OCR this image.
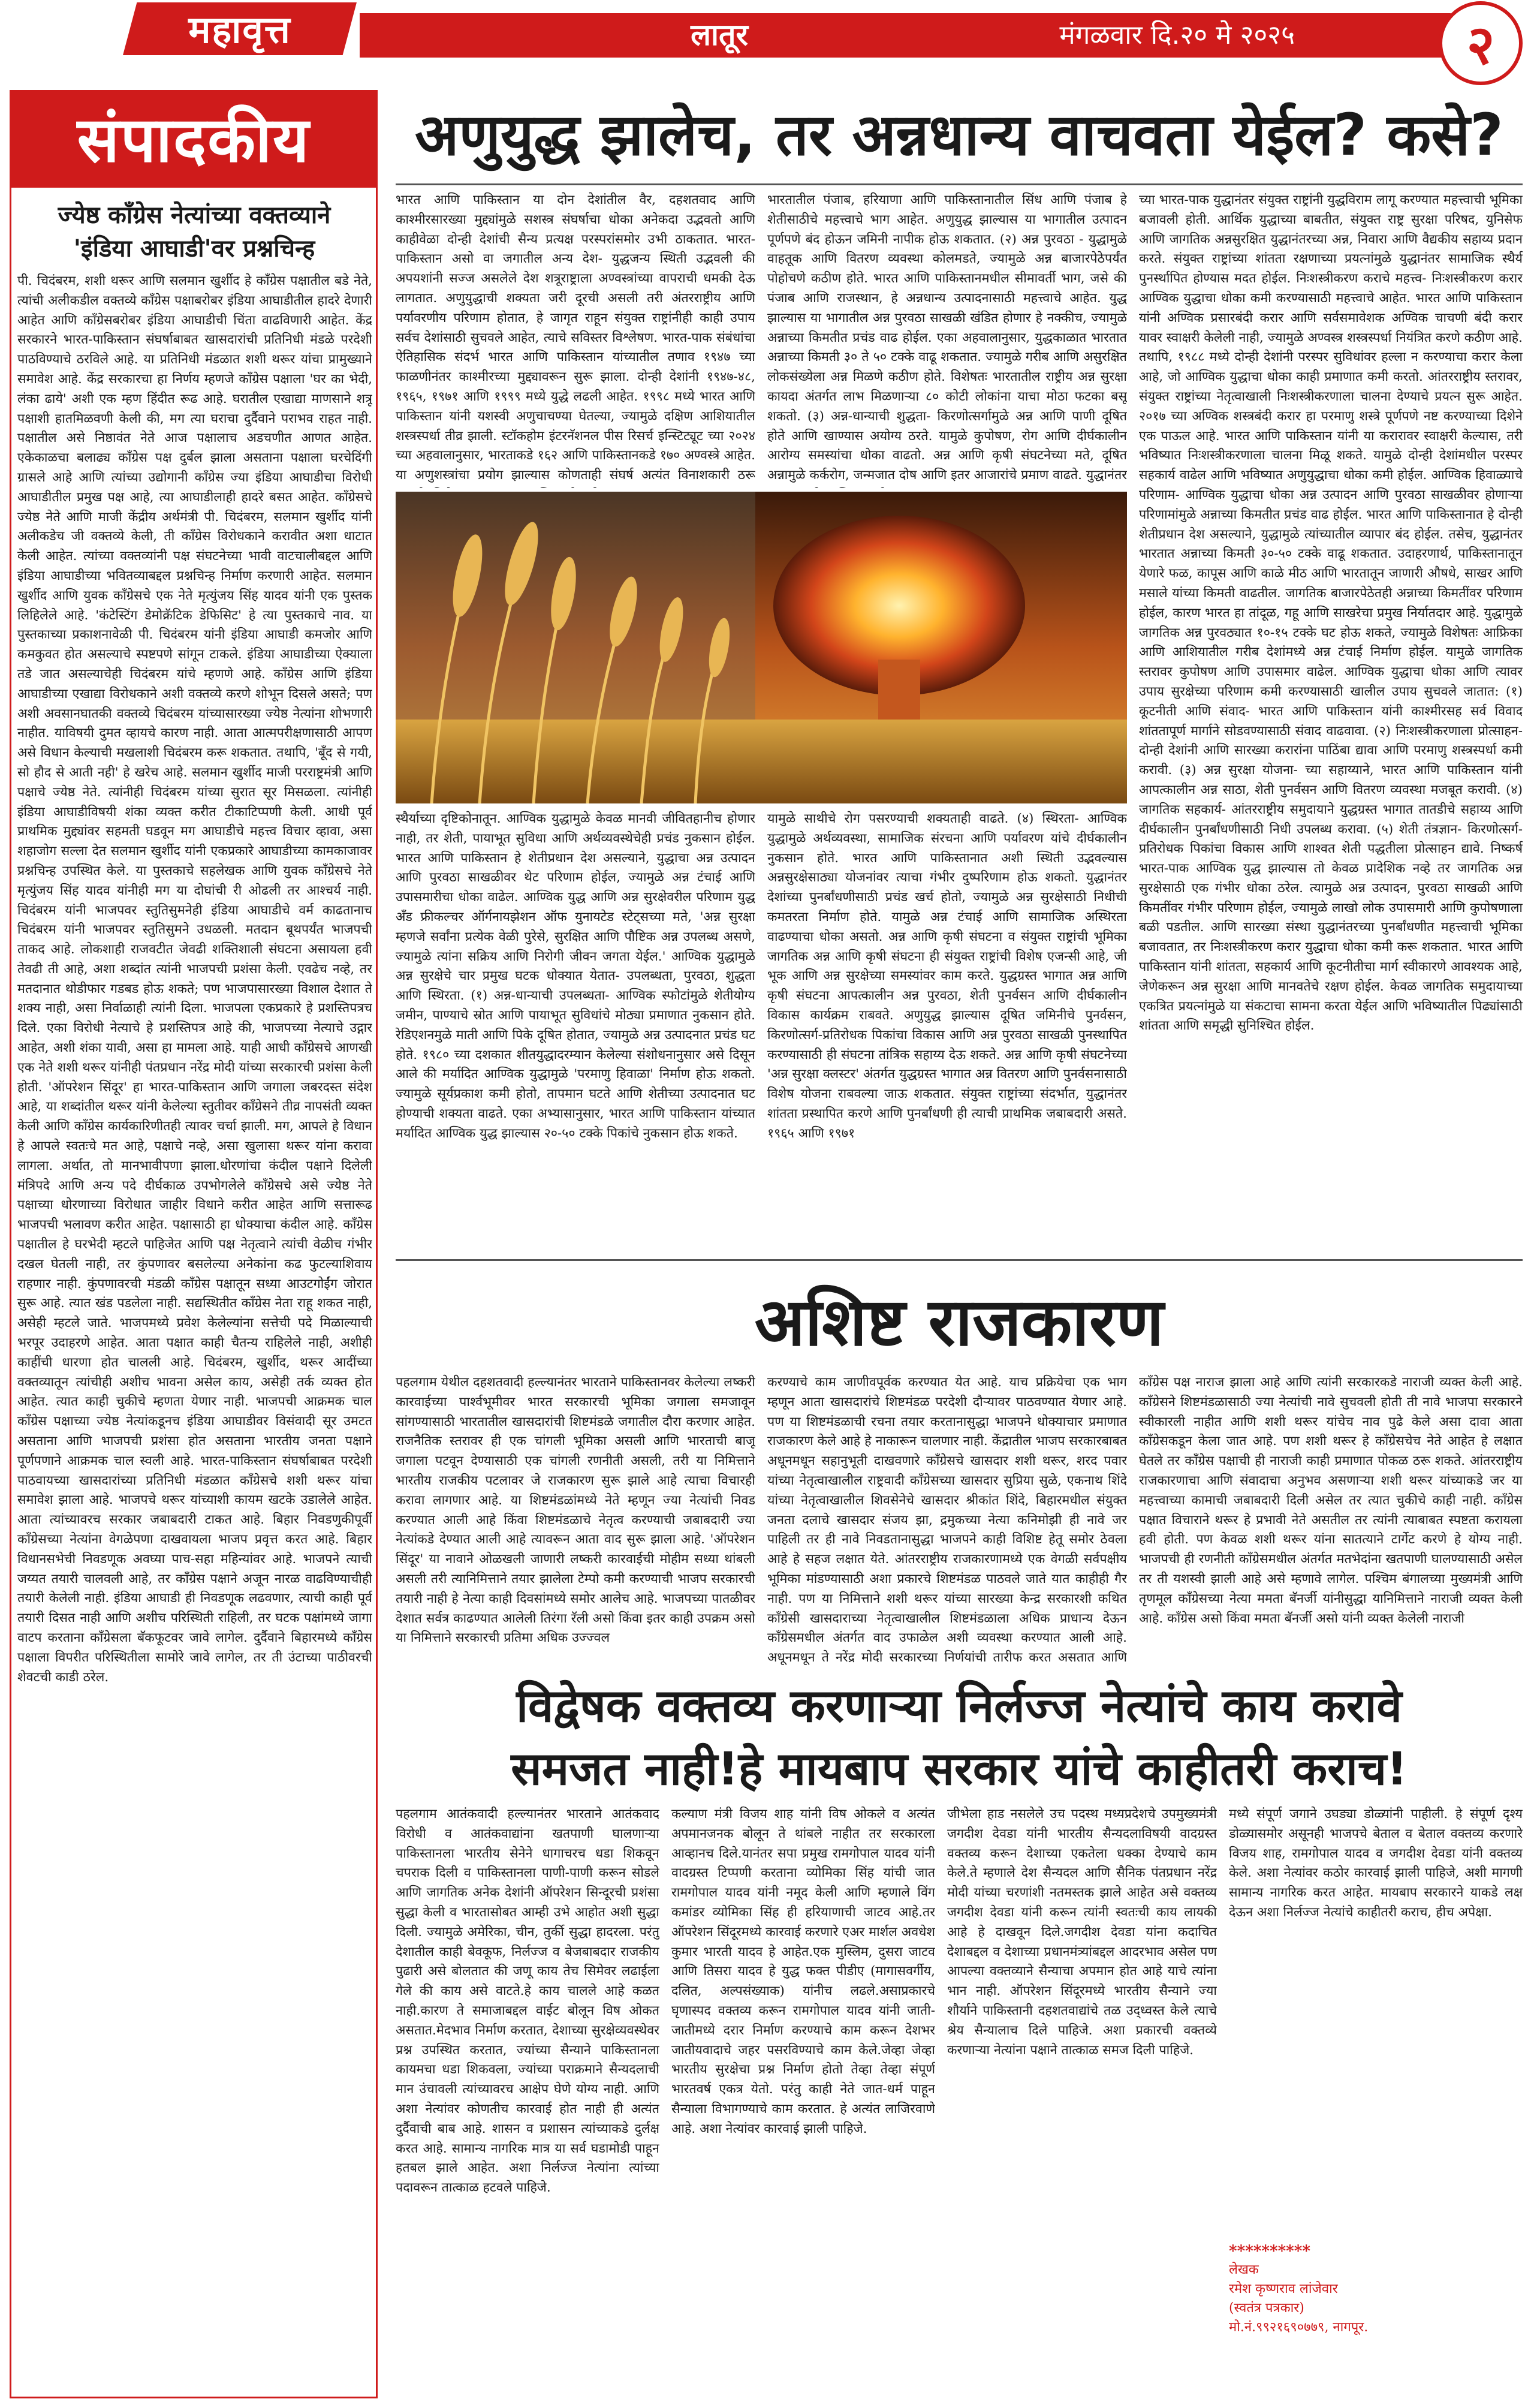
महावृत्त	लातूर	मंगळवार दि.२० मे २०२५	२
संपादकीय
ज्येष्ठ काँग्रेस नेत्यांच्या वक्तव्याने
'इंडिया आघाडी'वर प्रश्नचिन्ह
पी. चिदंबरम, शशी थरूर आणि सलमान खुर्शीद हे काँग्रेस पक्षातील बडे नेते, त्यांची अलीकडील वक्तव्ये काँग्रेस पक्षाबरोबर इंडिया आघाडीतील हादरे देणारी आहेत आणि काँग्रेसबरोबर इंडिया आघाडीची चिंता वाढविणारी आहेत. केंद्र सरकारने भारत-पाकिस्तान संघर्षाबाबत खासदारांची प्रतिनिधी मंडळे परदेशी पाठविण्याचे ठरविले आहे. या प्रतिनिधी मंडळात शशी थरूर यांचा प्रामुख्याने समावेश आहे. केंद्र सरकारचा हा निर्णय म्हणजे काँग्रेस पक्षाला 'घर का भेदी, लंका ढाये' अशी एक म्हण हिंदीत रूढ आहे. घरातील एखाद्या माणसाने शत्रू पक्षाशी हातमिळवणी केली की, मग त्या घराचा दुर्दैवाने पराभव राहत नाही. पक्षातील असे निष्ठावंत नेते आज पक्षालाच अडचणीत आणत आहेत. एकेकाळचा बलाढ्य काँग्रेस पक्ष दुर्बल झाला असताना पक्षाला घरचेदिंगी ग्रासले आहे आणि त्यांच्या उद्योगानी काँग्रेस ज्या इंडिया आघाडीचा विरोधी आघाडीतील प्रमुख पक्ष आहे, त्या आघाडीलाही हादरे बसत आहेत. काँग्रेसचे ज्येष्ठ नेते आणि माजी केंद्रीय अर्थमंत्री पी. चिदंबरम, सलमान खुर्शीद यांनी अलीकडेच जी वक्तव्ये केली, ती काँग्रेस विरोधकाने करावीत अशा धाटात केली आहेत. त्यांच्या वक्तव्यांनी पक्ष संघटनेच्या भावी वाटचालीबद्दल आणि इंडिया आघाडीच्या भवितव्याबद्दल प्रश्नचिन्ह निर्माण करणारी आहेत. सलमान खुर्शीद आणि युवक काँग्रेसचे एक नेते मृत्युंजय सिंह यादव यांनी एक पुस्तक लिहिलेले आहे. 'कंटेस्टिंग डेमोक्रॅटिक डेफिसिट' हे त्या पुस्तकाचे नाव. या पुस्तकाच्या प्रकाशनावेळी पी. चिदंबरम यांनी इंडिया आघाडी कमजोर आणि कमकुवत होत असल्याचे स्पष्टपणे सांगून टाकले. इंडिया आघाडीच्या ऐक्याला तडे जात असल्याचेही चिदंबरम यांचे म्हणणे आहे. काँग्रेस आणि इंडिया आघाडीच्या एखाद्या विरोधकाने अशी वक्तव्ये करणे शोभून दिसले असते; पण अशी अवसानघातकी वक्तव्ये चिदंबरम यांच्यासारख्या ज्येष्ठ नेत्यांना शोभणारी नाहीत. याविषयी दुमत व्हायचे कारण नाही. आता आत्मपरीक्षणासाठी आपण असे विधान केल्याची मखलाशी चिदंबरम करू शकतात. तथापि, 'बूँद से गयी, सो हौद से आती नही' हे खरेच आहे. सलमान खुर्शीद माजी परराष्ट्रमंत्री आणि पक्षाचे ज्येष्ठ नेते. त्यांनीही चिदंबरम यांच्या सुरात सूर मिसळला. त्यांनीही इंडिया आघाडीविषयी शंका व्यक्त करीत टीकाटिप्पणी केली. आधी पूर्व प्राथमिक मुद्द्यांवर सहमती घडवून मग आघाडीचे महत्त्व विचार व्हावा, असा शहाजोग सल्ला देत सलमान खुर्शीद यांनी एकप्रकारे आघाडीच्या कामकाजावर प्रश्नचिन्ह उपस्थित केले. या पुस्तकाचे सहलेखक आणि युवक काँग्रेसचे नेते मृत्युंजय सिंह यादव यांनीही मग या दोघांची री ओढली तर आश्चर्य नाही. चिदंबरम यांनी भाजपवर स्तुतिसुमनेही इंडिया आघाडीचे वर्म काढतानाच चिदंबरम यांनी भाजपवर स्तुतिसुमने उधळली. मतदान बूथपर्यंत भाजपची ताकद आहे. लोकशाही राजवटीत जेवढी शक्तिशाली संघटना असायला हवी तेवढी ती आहे, अशा शब्दांत त्यांनी भाजपची प्रशंसा केली. एवढेच नव्हे, तर मतदानात थोडीफार गडबड होऊ शकते; पण भाजपासारख्या विशाल देशात ते शक्य नाही, असा निर्वाळाही त्यांनी दिला. भाजपला एकप्रकारे हे प्रशस्तिपत्रच दिले. एका विरोधी नेत्याचे हे प्रशस्तिपत्र आहे की, भाजपच्या नेत्याचे उद्गार आहेत, अशी शंका यावी, असा हा मामला आहे. याही आधी काँग्रेसचे आणखी एक नेते शशी थरूर यांनीही पंतप्रधान नरेंद्र मोदी यांच्या सरकारची प्रशंसा केली होती. 'ऑपरेशन सिंदूर' हा भारत-पाकिस्तान आणि जगाला जबरदस्त संदेश आहे, या शब्दांतील थरूर यांनी केलेल्या स्तुतीवर काँग्रेसने तीव्र नापसंती व्यक्त केली आणि काँग्रेस कार्यकारिणीतही त्यावर चर्चा झाली. मग, आपले हे विधान हे आपले स्वतःचे मत आहे, पक्षाचे नव्हे, असा खुलासा थरूर यांना करावा लागला. अर्थात, तो मानभावीपणा झाला.धोरणांचा कंदील पक्षाने दिलेली मंत्रिपदे आणि अन्य पदे दीर्घकाळ उपभोगलेले काँग्रेसचे असे ज्येष्ठ नेते पक्षाच्या धोरणाच्या विरोधात जाहीर विधाने करीत आहेत आणि सत्तारूढ भाजपची भलावण करीत आहेत. पक्षासाठी हा धोक्याचा कंदील आहे. काँग्रेस पक्षातील हे घरभेदी म्हटले पाहिजेत आणि पक्ष नेतृत्वाने त्यांची वेळीच गंभीर दखल घेतली नाही, तर कुंपणावर बसलेल्या अनेकांना कढ फुटल्याशिवाय राहणार नाही. कुंपणावरची मंडळी काँग्रेस पक्षातून सध्या आउटगोईंग जोरात सुरू आहे. त्यात खंड पडलेला नाही. सद्यस्थितीत काँग्रेस नेता राहू शकत नाही, असेही म्हटले जाते. भाजपमध्ये प्रवेश केलेल्यांना सत्तेची पदे मिळाल्याची भरपूर उदाहरणे आहेत. आता पक्षात काही चैतन्य राहिलेले नाही, अशीही काहींची धारणा होत चालली आहे. चिदंबरम, खुर्शीद, थरूर आदींच्या वक्तव्यातून त्यांचीही अशीच भावना असेल काय, असेही तर्क व्यक्त होत आहेत. त्यात काही चुकीचे म्हणता येणार नाही. भाजपची आक्रमक चाल काँग्रेस पक्षाच्या ज्येष्ठ नेत्यांकडूनच इंडिया आघाडीवर विसंवादी सूर उमटत असताना आणि भाजपची प्रशंसा होत असताना भारतीय जनता पक्षाने पूर्णपणाने आक्रमक चाल स्वली आहे. भारत-पाकिस्तान संघर्षाबाबत परदेशी पाठवायच्या खासदारांच्या प्रतिनिधी मंडळात काँग्रेसचे शशी थरूर यांचा समावेश झाला आहे. भाजपचे थरूर यांच्याशी कायम खटके उडालेले आहेत. आता त्यांच्यावरच सरकार जबाबदारी टाकत आहे. बिहार निवडणुकीपूर्वी काँग्रेसच्या नेत्यांना वेगळेपणा दाखवायला भाजप प्रवृत्त करत आहे. बिहार विधानसभेची निवडणूक अवघ्या पाच-सहा महिन्यांवर आहे. भाजपने त्याची जय्यत तयारी चालवली आहे, तर काँग्रेस पक्षाने अजून नारळ वाढविण्याचीही तयारी केलेली नाही. इंडिया आघाडी ही निवडणूक लढवणार, त्याची काही पूर्व तयारी दिसत नाही आणि अशीच परिस्थिती राहिली, तर घटक पक्षांमध्ये जागा वाटप करताना काँग्रेसला बॅकफूटवर जावे लागेल. दुर्दैवाने बिहारमध्ये काँग्रेस पक्षाला विपरीत परिस्थितीला सामोरे जावे लागेल, तर ती उंटाच्या पाठीवरची शेवटची काडी ठरेल.
अणुयुद्ध झालेच, तर अन्नधान्य वाचवता येईल? कसे?
भारत आणि पाकिस्तान या दोन देशांतील वैर, दहशतवाद आणि काश्मीरसारख्या मुद्द्यांमुळे सशस्त्र संघर्षाचा धोका अनेकदा उद्भवतो आणि काहीवेळा दोन्ही देशांची सैन्य प्रत्यक्ष परस्परांसमोर उभी ठाकतात. भारत- पाकिस्तान असो वा जगातील अन्य देश- युद्धजन्य स्थिती उद्भवली की अपयशांनी सज्ज असलेले देश शत्रूराष्ट्राला अण्वस्त्रांच्या वापराची धमकी देऊ लागतात. अणुयुद्धाची शक्यता जरी दूरची असली तरी अंतरराष्ट्रीय आणि पर्यावरणीय परिणाम होतात, हे जागृत राहून संयुक्त राष्ट्रांनीही काही उपाय सर्वच देशांसाठी सुचवले आहेत, त्याचे सविस्तर विश्लेषण. भारत-पाक संबंधांचा ऐतिहासिक संदर्भ भारत आणि पाकिस्तान यांच्यातील तणाव १९४७ च्या फाळणीनंतर काश्मीरच्या मुद्द्यावरून सुरू झाला. दोन्ही देशांनी १९४७-४८, १९६५, १९७१ आणि १९९९ मध्ये युद्धे लढली आहेत. १९९८ मध्ये भारत आणि पाकिस्तान यांनी यशस्वी अणुचाचण्या घेतल्या, ज्यामुळे दक्षिण आशियातील शस्त्रस्पर्धा तीव्र झाली. स्टॉकहोम इंटरनॅशनल पीस रिसर्च इन्स्टिट्यूट च्या २०२४ च्या अहवालानुसार, भारताकडे १६२ आणि पाकिस्तानकडे १७० अण्वस्त्रे आहेत. या अणुशस्त्रांचा प्रयोग झाल्यास कोणताही संघर्ष अत्यंत विनाशकारी ठरू
भारतातील पंजाब, हरियाणा आणि पाकिस्तानातील सिंध आणि पंजाब हे शेतीसाठीचे महत्त्वाचे भाग आहेत. अणुयुद्ध झाल्यास या भागातील उत्पादन पूर्णपणे बंद होऊन जमिनी नापीक होऊ शकतात. (२) अन्न पुरवठा - युद्धामुळे वाहतूक आणि वितरण व्यवस्था कोलमडते, ज्यामुळे अन्न बाजारपेठेपर्यंत पोहोचणे कठीण होते. भारत आणि पाकिस्तानमधील सीमावर्ती भाग, जसे की पंजाब आणि राजस्थान, हे अन्नधान्य उत्पादनासाठी महत्त्वाचे आहेत. युद्ध झाल्यास या भागातील अन्न पुरवठा साखळी खंडित होणार हे नक्कीच, ज्यामुळे अन्नाच्या किमतीत प्रचंड वाढ होईल. एका अहवालानुसार, युद्धकाळात भारतात अन्नाच्या किमती ३० ते ५० टक्के वाढू शकतात. ज्यामुळे गरीब आणि असुरक्षित लोकसंख्येला अन्न मिळणे कठीण होते. विशेषतः भारतातील राष्ट्रीय अन्न सुरक्षा कायदा अंतर्गत लाभ मिळणाऱ्या ८० कोटी लोकांना याचा मोठा फटका बसू शकतो. (३) अन्न-धान्याची शुद्धता- किरणोत्सर्गामुळे अन्न आणि पाणी दूषित होते आणि खाण्यास अयोग्य ठरते. यामुळे कुपोषण, रोग आणि दीर्घकालीन आरोग्य समस्यांचा धोका वाढतो. अन्न आणि कृषी संघटनेच्या मते, दूषित अन्नामुळे कर्करोग, जन्मजात दोष आणि इतर आजारांचे प्रमाण वाढते. युद्धानंतर
च्या भारत-पाक युद्धानंतर संयुक्त राष्ट्रांनी युद्धविराम लागू करण्यात महत्त्वाची भूमिका बजावली होती. आर्थिक युद्धाच्या बाबतीत, संयुक्त राष्ट्र सुरक्षा परिषद, युनिसेफ आणि जागतिक अन्नसुरक्षित युद्धानंतरच्या अन्न, निवारा आणि वैद्यकीय सहाय्य प्रदान करते. संयुक्त राष्ट्रांच्या शांतता रक्षणाच्या प्रयत्नांमुळे युद्धानंतर सामाजिक स्थैर्य पुनर्स्थापित होण्यास मदत होईल. निःशस्त्रीकरण कराचे महत्त्व- निःशस्त्रीकरण करार आण्विक युद्धाचा धोका कमी करण्यासाठी महत्त्वाचे आहेत. भारत आणि पाकिस्तान यांनी अण्विक प्रसारबंदी करार आणि सर्वसमावेशक अण्विक चाचणी बंदी करार यावर स्वाक्षरी केलेली नाही, ज्यामुळे अण्वस्त्र शस्त्रस्पर्धा नियंत्रित करणे कठीण आहे. तथापि, १९८८ मध्ये दोन्ही देशांनी परस्पर सुविधांवर हल्ला न करण्याचा करार केला आहे, जो आण्विक युद्धाचा धोका काही प्रमाणात कमी करतो. आंतरराष्ट्रीय स्तरावर, संयुक्त राष्ट्रांच्या नेतृत्वाखाली निःशस्त्रीकरणाला चालना देण्याचे प्रयत्न सुरू आहेत. २०१७ च्या अण्विक शस्त्रबंदी करार हा परमाणु शस्त्रे पूर्णपणे नष्ट करण्याच्या दिशेने एक पाऊल आहे. भारत आणि पाकिस्तान यांनी या करारावर स्वाक्षरी केल्यास, तरी भविष्यात निःशस्त्रीकरणाला चालना मिळू शकते. यामुळे दोन्ही देशांमधील परस्पर सहकार्य वाढेल आणि भविष्यात अणुयुद्धाचा धोका कमी होईल. आण्विक हिवाळ्याचे परिणाम- आण्विक युद्धाचा धोका अन्न उत्पादन आणि पुरवठा साखळीवर होणाऱ्या परिणामांमुळे अन्नाच्या किमतीत प्रचंड वाढ होईल. भारत आणि पाकिस्तानात हे दोन्ही शेतीप्रधान देश असल्याने, युद्धामुळे त्यांच्यातील व्यापार बंद होईल. तसेच, युद्धानंतर भारतात अन्नाच्या किमती ३०-५० टक्के वाढू शकतात. उदाहरणार्थ, पाकिस्तानातून येणारे फळ, कापूस आणि काळे मीठ आणि भारतातून जाणारी औषधे, साखर आणि मसाले यांच्या किमती वाढतील. जागतिक बाजारपेठेतही अन्नाच्या किमतींवर परिणाम होईल, कारण भारत हा तांदूळ, गहू आणि साखरेचा प्रमुख निर्यातदार आहे. युद्धामुळे जागतिक अन्न पुरवठ्यात १०-१५ टक्के घट होऊ शकते, ज्यामुळे विशेषतः आफ्रिका आणि आशियातील गरीब देशांमध्ये अन्न टंचाई निर्माण होईल. यामुळे जागतिक स्तरावर कुपोषण आणि उपासमार वाढेल. आण्विक युद्धाचा धोका आणि त्यावर उपाय सुरक्षेच्या परिणाम कमी करण्यासाठी खालील उपाय सुचवले जातात: (१) कूटनीती आणि संवाद- भारत आणि पाकिस्तान यांनी काश्मीरसह सर्व विवाद शांततापूर्ण मार्गाने सोडवण्यासाठी संवाद वाढवावा. (२) निःशस्त्रीकरणाला प्रोत्साहन- दोन्ही देशांनी आणि सारख्या करारांना पाठिंबा द्यावा आणि परमाणु शस्त्रस्पर्धा कमी करावी. (३) अन्न सुरक्षा योजना- च्या सहाय्याने, भारत आणि पाकिस्तान यांनी आपत्कालीन अन्न साठा, शेती पुनर्वसन आणि वितरण व्यवस्था मजबूत करावी. (४) जागतिक सहकार्य- आंतरराष्ट्रीय समुदायाने युद्धग्रस्त भागात तातडीचे सहाय्य आणि दीर्घकालीन पुनर्बांधणीसाठी निधी उपलब्ध करावा. (५) शेती तंत्रज्ञान- किरणोत्सर्ग-प्रतिरोधक पिकांचा विकास आणि शाश्वत शेती पद्धतीला प्रोत्साहन द्यावे. निष्कर्ष भारत-पाक आण्विक युद्ध झाल्यास तो केवळ प्रादेशिक नव्हे तर जागतिक अन्न सुरक्षेसाठी एक गंभीर धोका ठरेल. त्यामुळे अन्न उत्पादन, पुरवठा साखळी आणि किमतींवर गंभीर परिणाम होईल, ज्यामुळे लाखो लोक उपासमारी आणि कुपोषणाला बळी पडतील. आणि सारख्या संस्था युद्धानंतरच्या पुनर्बांधणीत महत्त्वाची भूमिका बजावतात, तर निःशस्त्रीकरण करार युद्धाचा धोका कमी करू शकतात. भारत आणि पाकिस्तान यांनी शांतता, सहकार्य आणि कूटनीतीचा मार्ग स्वीकारणे आवश्यक आहे, जेणेकरून अन्न सुरक्षा आणि मानवतेचे रक्षण होईल. केवळ जागतिक समुदायाच्या एकत्रित प्रयत्नांमुळे या संकटाचा सामना करता येईल आणि भविष्यातील पिढ्यांसाठी शांतता आणि समृद्धी सुनिश्चित होईल.
स्थैर्याच्या दृष्टिकोनातून. आण्विक युद्धामुळे केवळ मानवी जीवितहानीच होणार नाही, तर शेती, पायाभूत सुविधा आणि अर्थव्यवस्थेचेही प्रचंड नुकसान होईल. भारत आणि पाकिस्तान हे शेतीप्रधान देश असल्याने, युद्धाचा अन्न उत्पादन आणि पुरवठा साखळीवर थेट परिणाम होईल, ज्यामुळे अन्न टंचाई आणि उपासमारीचा धोका वाढेल. आण्विक युद्ध आणि अन्न सुरक्षेवरील परिणाम युद्ध अँड फ्रीकल्चर ऑर्गनायझेशन ऑफ युनायटेड स्टेट्सच्या मते, 'अन्न सुरक्षा म्हणजे सर्वांना प्रत्येक वेळी पुरेसे, सुरक्षित आणि पौष्टिक अन्न उपलब्ध असणे, ज्यामुळे त्यांना सक्रिय आणि निरोगी जीवन जगता येईल.' आण्विक युद्धामुळे अन्न सुरक्षेचे चार प्रमुख घटक धोक्यात येतात- उपलब्धता, पुरवठा, शुद्धता आणि स्थिरता. (१) अन्न-धान्याची उपलब्धता- आण्विक स्फोटांमुळे शेतीयोग्य जमीन, पाण्याचे स्रोत आणि पायाभूत सुविधांचे मोठ्या प्रमाणात नुकसान होते. रेडिएशनमुळे माती आणि पिके दूषित होतात, ज्यामुळे अन्न उत्पादनात प्रचंड घट होते. १९८० च्या दशकात शीतयुद्धादरम्यान केलेल्या संशोधनानुसार असे दिसून आले की मर्यादित आण्विक युद्धामुळे 'परमाणु हिवाळा' निर्माण होऊ शकतो. ज्यामुळे सूर्यप्रकाश कमी होतो, तापमान घटते आणि शेतीच्या उत्पादनात घट होण्याची शक्यता वाढते. एका अभ्यासानुसार, भारत आणि पाकिस्तान यांच्यात मर्यादित आण्विक युद्ध झाल्यास २०-५० टक्के पिकांचे नुकसान होऊ शकते.
यामुळे साथीचे रोग पसरण्याची शक्यताही वाढते. (४) स्थिरता- आण्विक युद्धामुळे अर्थव्यवस्था, सामाजिक संरचना आणि पर्यावरण यांचे दीर्घकालीन नुकसान होते. भारत आणि पाकिस्तानात अशी स्थिती उद्भवल्यास अन्नसुरक्षेसाठ्या योजनांवर त्याचा गंभीर दुष्परिणाम होऊ शकतो. युद्धानंतर देशांच्या पुनर्बांधणीसाठी प्रचंड खर्च होतो, ज्यामुळे अन्न सुरक्षेसाठी निधीची कमतरता निर्माण होते. यामुळे अन्न टंचाई आणि सामाजिक अस्थिरता वाढण्याचा धोका असतो. अन्न आणि कृषी संघटना व संयुक्त राष्ट्रांची भूमिका जागतिक अन्न आणि कृषी संघटना ही संयुक्त राष्ट्रांची विशेष एजन्सी आहे, जी भूक आणि अन्न सुरक्षेच्या समस्यांवर काम करते. युद्धग्रस्त भागात अन्न आणि कृषी संघटना आपत्कालीन अन्न पुरवठा, शेती पुनर्वसन आणि दीर्घकालीन विकास कार्यक्रम राबवते. अणुयुद्ध झाल्यास दूषित जमिनीचे पुनर्वसन, किरणोत्सर्ग-प्रतिरोधक पिकांचा विकास आणि अन्न पुरवठा साखळी पुनस्थापित करण्यासाठी ही संघटना तांत्रिक सहाय्य देऊ शकते. अन्न आणि कृषी संघटनेच्या 'अन्न सुरक्षा क्लस्टर' अंतर्गत युद्धग्रस्त भागात अन्न वितरण आणि पुनर्वसनासाठी विशेष योजना राबवल्या जाऊ शकतात. संयुक्त राष्ट्रांच्या संदर्भात, युद्धानंतर शांतता प्रस्थापित करणे आणि पुनर्बांधणी ही त्याची प्राथमिक जबाबदारी असते. १९६५ आणि १९७१
अशिष्ट राजकारण
पहलगाम येथील दहशतवादी हल्ल्यानंतर भारताने पाकिस्तानवर केलेल्या लष्करी कारवाईच्या पार्श्वभूमीवर भारत सरकारची भूमिका जगाला समजावून सांगण्यासाठी भारतातील खासदारांची शिष्टमंडळे जगातील दौरा करणार आहेत. राजनैतिक स्तरावर ही एक चांगली भूमिका असली आणि भारताची बाजू जगाला पटवून देण्यासाठी एक चांगली रणनीती असली, तरी या निमित्ताने भारतीय राजकीय पटलावर जे राजकारण सुरू झाले आहे त्याचा विचारही करावा लागणार आहे. या शिष्टमंडळांमध्ये नेते म्हणून ज्या नेत्यांची निवड करण्यात आली आहे किंवा शिष्टमंडळाचे नेतृत्व करण्याची जबाबदारी ज्या नेत्यांकडे देण्यात आली आहे त्यावरून आता वाद सुरू झाला आहे. 'ऑपरेशन सिंदूर' या नावाने ओळखली जाणारी लष्करी कारवाईची मोहीम सध्या थांबली असली तरी त्यानिमित्ताने तयार झालेला टेम्पो कमी करण्याची भाजप सरकारची तयारी नाही हे नेत्या काही दिवसांमध्ये समोर आलेच आहे. भाजपच्या पातळीवर देशात सर्वत्र काढण्यात आलेली तिरंगा रॅली असो किंवा इतर काही उपक्रम असो या निमित्ताने सरकारची प्रतिमा अधिक उज्ज्वल
करण्याचे काम जाणीवपूर्वक करण्यात येत आहे. याच प्रक्रियेचा एक भाग म्हणून आता खासदारांचे शिष्टमंडळ परदेशी दौऱ्यावर पाठवण्यात येणार आहे. पण या शिष्टमंडळाची रचना तयार करतानासुद्धा भाजपने धोक्याचार प्रमाणात राजकारण केले आहे हे नाकारून चालणार नाही. केंद्रातील भाजप सरकारबाबत अधूनमधून सहानुभूती दाखवणारे काँग्रेसचे खासदार शशी थरूर, शरद पवार यांच्या नेतृत्वाखालील राष्ट्रवादी काँग्रेसच्या खासदार सुप्रिया सुळे, एकनाथ शिंदे यांच्या नेतृत्वाखालील शिवसेनेचे खासदार श्रीकांत शिंदे, बिहारमधील संयुक्त जनता दलाचे खासदार संजय झा, द्रमुकच्या नेत्या कनिमोझी ही नावे जर पाहिली तर ही नावे निवडतानासुद्धा भाजपने काही विशिष्ट हेतू समोर ठेवला आहे हे सहज लक्षात येते. आंतरराष्ट्रीय राजकारणामध्ये एक वेगळी सर्वपक्षीय भूमिका मांडण्यासाठी अशा प्रकारचे शिष्टमंडळ पाठवले जाते यात काहीही गैर नाही. पण या निमित्ताने शशी थरूर यांच्या सारख्या केन्द्र सरकारशी कथित काँग्रेसी खासदाराच्या नेतृत्वाखालील शिष्टमंडळाला अधिक प्राधान्य देऊन काँग्रेसमधील अंतर्गत वाद उफाळेल अशी व्यवस्था करण्यात आली आहे. अधूनमधून ते नरेंद्र मोदी सरकारच्या निर्णयांची तारीफ करत असतात आणि
काँग्रेस पक्ष नाराज झाला आहे आणि त्यांनी सरकारकडे नाराजी व्यक्त केली आहे. काँग्रेसने शिष्टमंडळासाठी ज्या नेत्यांची नावे सुचवली होती ती नावे भाजपा सरकारने स्वीकारली नाहीत आणि शशी थरूर यांचेच नाव पुढे केले असा दावा आता काँग्रेसकडून केला जात आहे. पण शशी थरूर हे काँग्रेसचेच नेते आहेत हे लक्षात घेतले तर काँग्रेस पक्षाची ही नाराजी काही प्रमाणात पोकळ ठरू शकते. आंतरराष्ट्रीय राजकारणाचा आणि संवादाचा अनुभव असणाऱ्या शशी थरूर यांच्याकडे जर या महत्त्वाच्या कामाची जबाबदारी दिली असेल तर त्यात चुकीचे काही नाही. काँग्रेस पक्षात विचाराने थरूर हे प्रभावी नेते असतील तर त्यांनी त्याबाबत स्पष्टता करायला हवी होती. पण केवळ शशी थरूर यांना सातत्याने टार्गेट करणे हे योग्य नाही. भाजपची ही रणनीती काँग्रेसमधील अंतर्गत मतभेदांना खतपाणी घालण्यासाठी असेल तर ती यशस्वी झाली आहे असे म्हणावे लागेल. पश्चिम बंगालच्या मुख्यमंत्री आणि तृणमूल काँग्रेसच्या नेत्या ममता बॅनर्जी यांनीसुद्धा यानिमित्ताने नाराजी व्यक्त केली आहे. काँग्रेस असो किंवा ममता बॅनर्जी असो यांनी व्यक्त केलेली नाराजी
विद्वेषक वक्तव्य करणाऱ्या निर्लज्ज नेत्यांचे काय करावे
समजत नाही!हे मायबाप सरकार यांचे काहीतरी कराच!
पहलगाम आतंकवादी हल्ल्यानंतर भारताने आतंकवाद विरोधी व आतंकवाद्यांना खतपाणी घालणाऱ्या पाकिस्तानला भारतीय सेनेने धागाचरच धडा शिकवून चपराक दिली व पाकिस्तानला पाणी-पाणी करून सोडले आणि जागतिक अनेक देशांनी ऑपरेशन सिन्दूरची प्रशंसा सुद्धा केली व भारतासोबत आम्ही उभे आहोत अशी सुद्धा दिली. ज्यामुळे अमेरिका, चीन, तुर्की सुद्धा हादरला. परंतु देशातील काही बेवकूफ, निर्लज्ज व बेजबाबदार राजकीय पुढारी असे बोलतात की जणू काय तेच सिमेवर लढाईला गेले की काय असे वाटते.हे काय चालले आहे कळत नाही.कारण ते समाजाबद्दल वाईट बोलून विष ओकत असतात.मेदभाव निर्माण करतात, देशाच्या सुरक्षेव्यवस्थेवर प्रश्न उपस्थित करतात, ज्यांच्या सैन्याने पाकिस्तानला कायमचा धडा शिकवला, ज्यांच्या पराक्रमाने सैन्यदलाची मान उंचावली त्यांच्यावरच आक्षेप घेणे योग्य नाही. आणि अशा नेत्यांवर कोणतीच कारवाई होत नाही ही अत्यंत दुर्दैवाची बाब आहे. शासन व प्रशासन त्यांच्याकडे दुर्लक्ष करत आहे. सामान्य नागरिक मात्र या सर्व घडामोडी पाहून हतबल झाले आहेत. अशा निर्लज्ज नेत्यांना त्यांच्या पदावरून तात्काळ हटवले पाहिजे.
कल्याण मंत्री विजय शाह यांनी विष ओकले व अत्यंत अपमानजनक बोलून ते थांबले नाहीत तर सरकारला आव्हानच दिले.यानंतर सपा प्रमुख रामगोपाल यादव यांनी वादग्रस्त टिप्पणी करताना व्योमिका सिंह यांची जात रामगोपाल यादव यांनी नमूद केली आणि म्हणाले विंग कमांडर व्योमिका सिंह ही हरियाणाची जाटव आहे.तर ऑपरेशन सिंदूरमध्ये कारवाई करणारे एअर मार्शल अवधेश कुमार भारती यादव हे आहेत.एक मुस्लिम, दुसरा जाटव आणि तिसरा यादव हे युद्ध फक्त पीडीए (मागासवर्गीय, दलित, अल्पसंख्याक) यांनीच लढले.असाप्रकारचे घृणास्पद वक्तव्य करून रामगोपाल यादव यांनी जाती-जातीमध्ये दरार निर्माण करण्याचे काम करून देशभर जातीयवादाचे जहर पसरविण्याचे काम केले.जेव्हा जेव्हा भारतीय सुरक्षेचा प्रश्न निर्माण होतो तेव्हा तेव्हा संपूर्ण भारतवर्ष एकत्र येतो. परंतु काही नेते जात-धर्म पाहून सैन्याला विभागण्याचे काम करतात. हे अत्यंत लाजिरवाणे आहे. अशा नेत्यांवर कारवाई झाली पाहिजे.
जीभेला हाड नसलेले उच पदस्थ मध्यप्रदेशचे उपमुख्यमंत्री जगदीश देवडा यांनी भारतीय सैन्यदलाविषयी वादग्रस्त वक्तव्य करून देशाच्या एकतेला धक्का देण्याचे काम केले.ते म्हणाले देश सैन्यदल आणि सैनिक पंतप्रधान नरेंद्र मोदी यांच्या चरणांशी नतमस्तक झाले आहेत असे वक्तव्य जगदीश देवडा यांनी करून त्यांनी स्वतःची काय लायकी आहे हे दाखवून दिले.जगदीश देवडा यांना कदाचित देशाबद्दल व देशाच्या प्रधानमंत्र्यांबद्दल आदरभाव असेल पण आपल्या वक्तव्याने सैन्याचा अपमान होत आहे याचे त्यांना भान नाही. ऑपरेशन सिंदूरमध्ये भारतीय सैन्याने ज्या शौर्याने पाकिस्तानी दहशतवाद्यांचे तळ उद्ध्वस्त केले त्याचे श्रेय सैन्यालाच दिले पाहिजे. अशा प्रकारची वक्तव्ये करणाऱ्या नेत्यांना पक्षाने तात्काळ समज दिली पाहिजे.
मध्ये संपूर्ण जगाने उघड्या डोळ्यांनी पाहीली. हे संपूर्ण दृश्य डोळ्यासमोर असूनही भाजपचे बेताल व बेताल वक्तव्य करणारे विजय शाह, रामगोपाल यादव व जगदीश देवडा यांनी वक्तव्य केले. अशा नेत्यांवर कठोर कारवाई झाली पाहिजे, अशी मागणी सामान्य नागरिक करत आहेत. मायबाप सरकारने याकडे लक्ष देऊन अशा निर्लज्ज नेत्यांचे काहीतरी कराच, हीच अपेक्षा.
**********
लेखक
रमेश कृष्णराव लांजेवार
(स्वतंत्र पत्रकार)
मो.नं.९९२१६९०७७९, नागपूर.
